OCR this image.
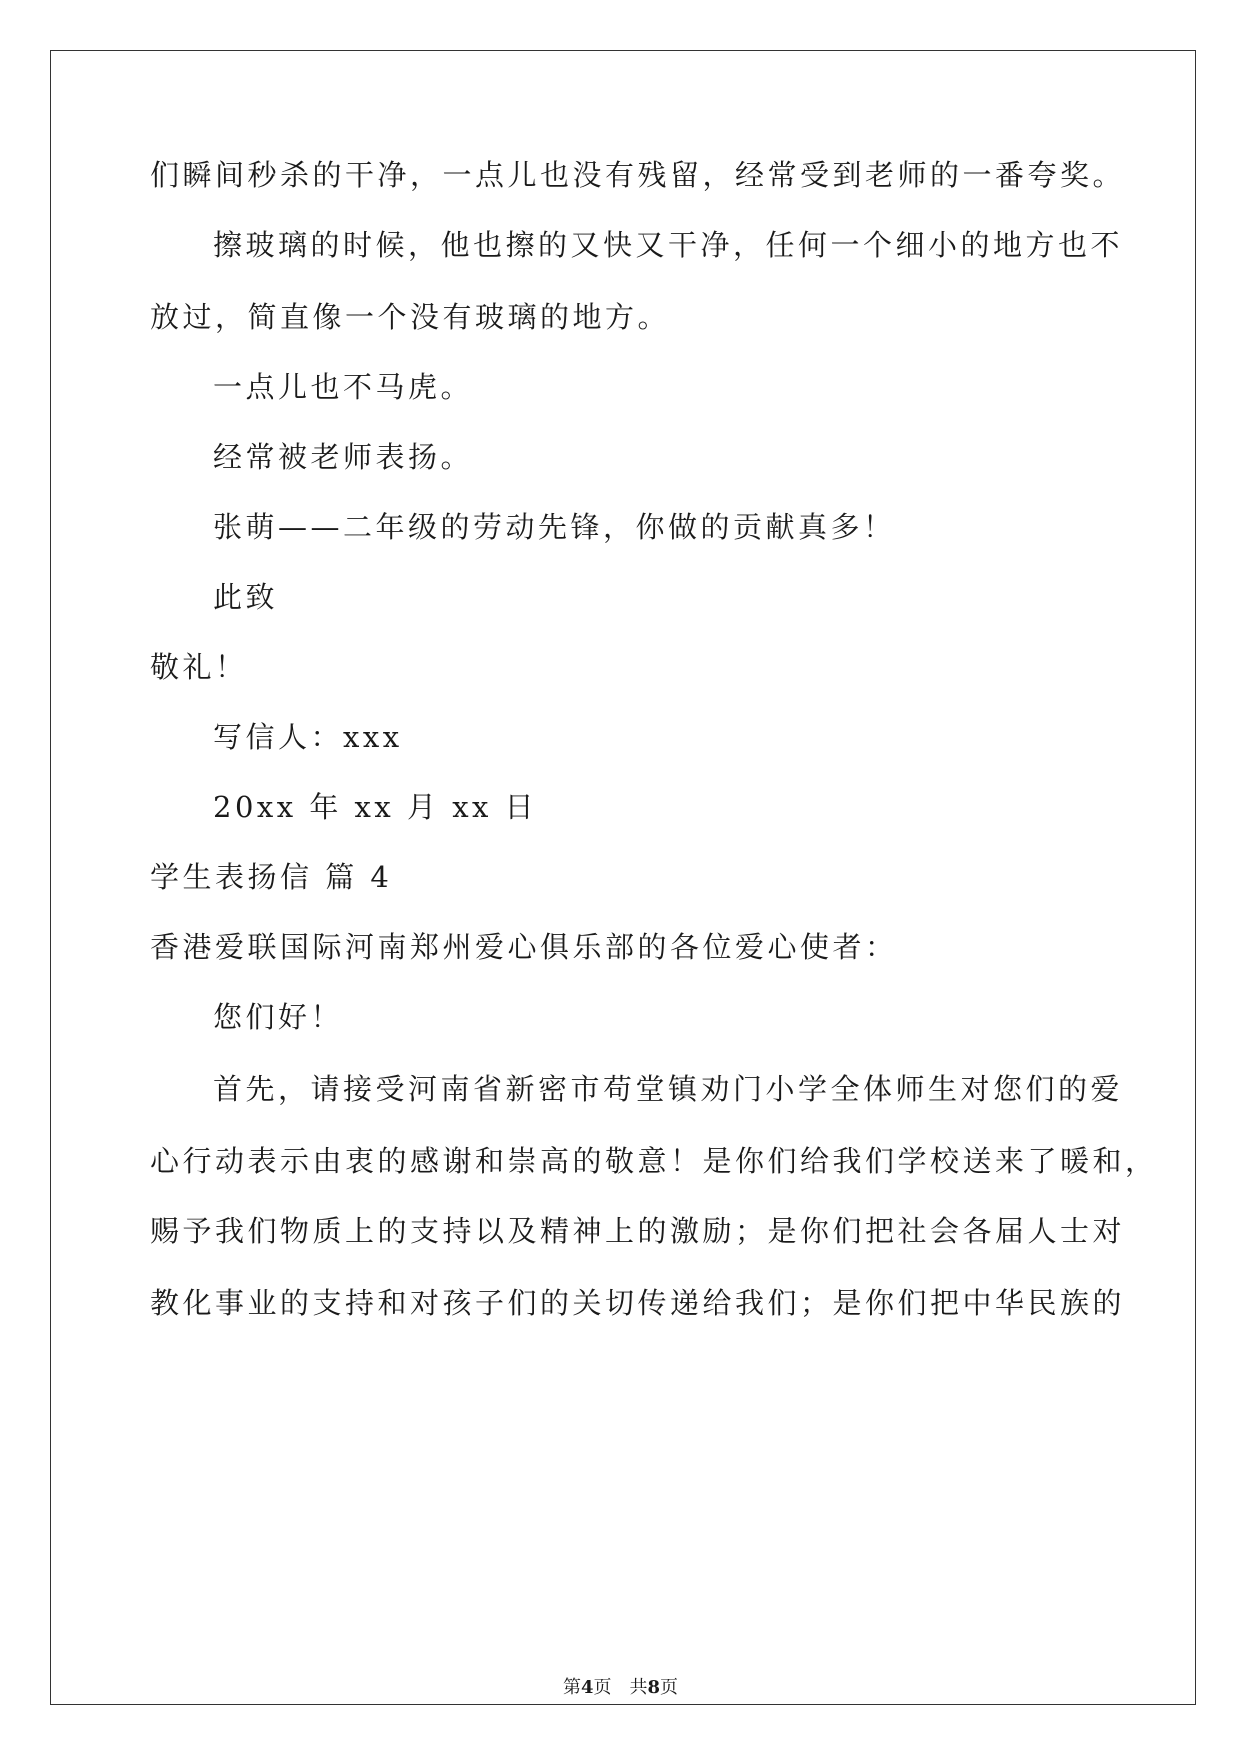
们瞬间秒杀的干净，一点儿也没有残留，经常受到老师的一番夸奖。
擦玻璃的时候，他也擦的又快又干净，任何一个细小的地方也不
放过，简直像一个没有玻璃的地方。
一点儿也不马虎。
经常被老师表扬。
张萌——二年级的劳动先锋，你做的贡献真多！
此致
敬礼！
写信人：xxx
20xx 年 xx 月 xx 日
学生表扬信 篇 4
香港爱联国际河南郑州爱心俱乐部的各位爱心使者：
您们好！
首先，请接受河南省新密市苟堂镇劝门小学全体师生对您们的爱
心行动表示由衷的感谢和崇高的敬意！是你们给我们学校送来了暖和，
赐予我们物质上的支持以及精神上的激励；是你们把社会各届人士对
教化事业的支持和对孩子们的关切传递给我们；是你们把中华民族的
第4页　共8页
